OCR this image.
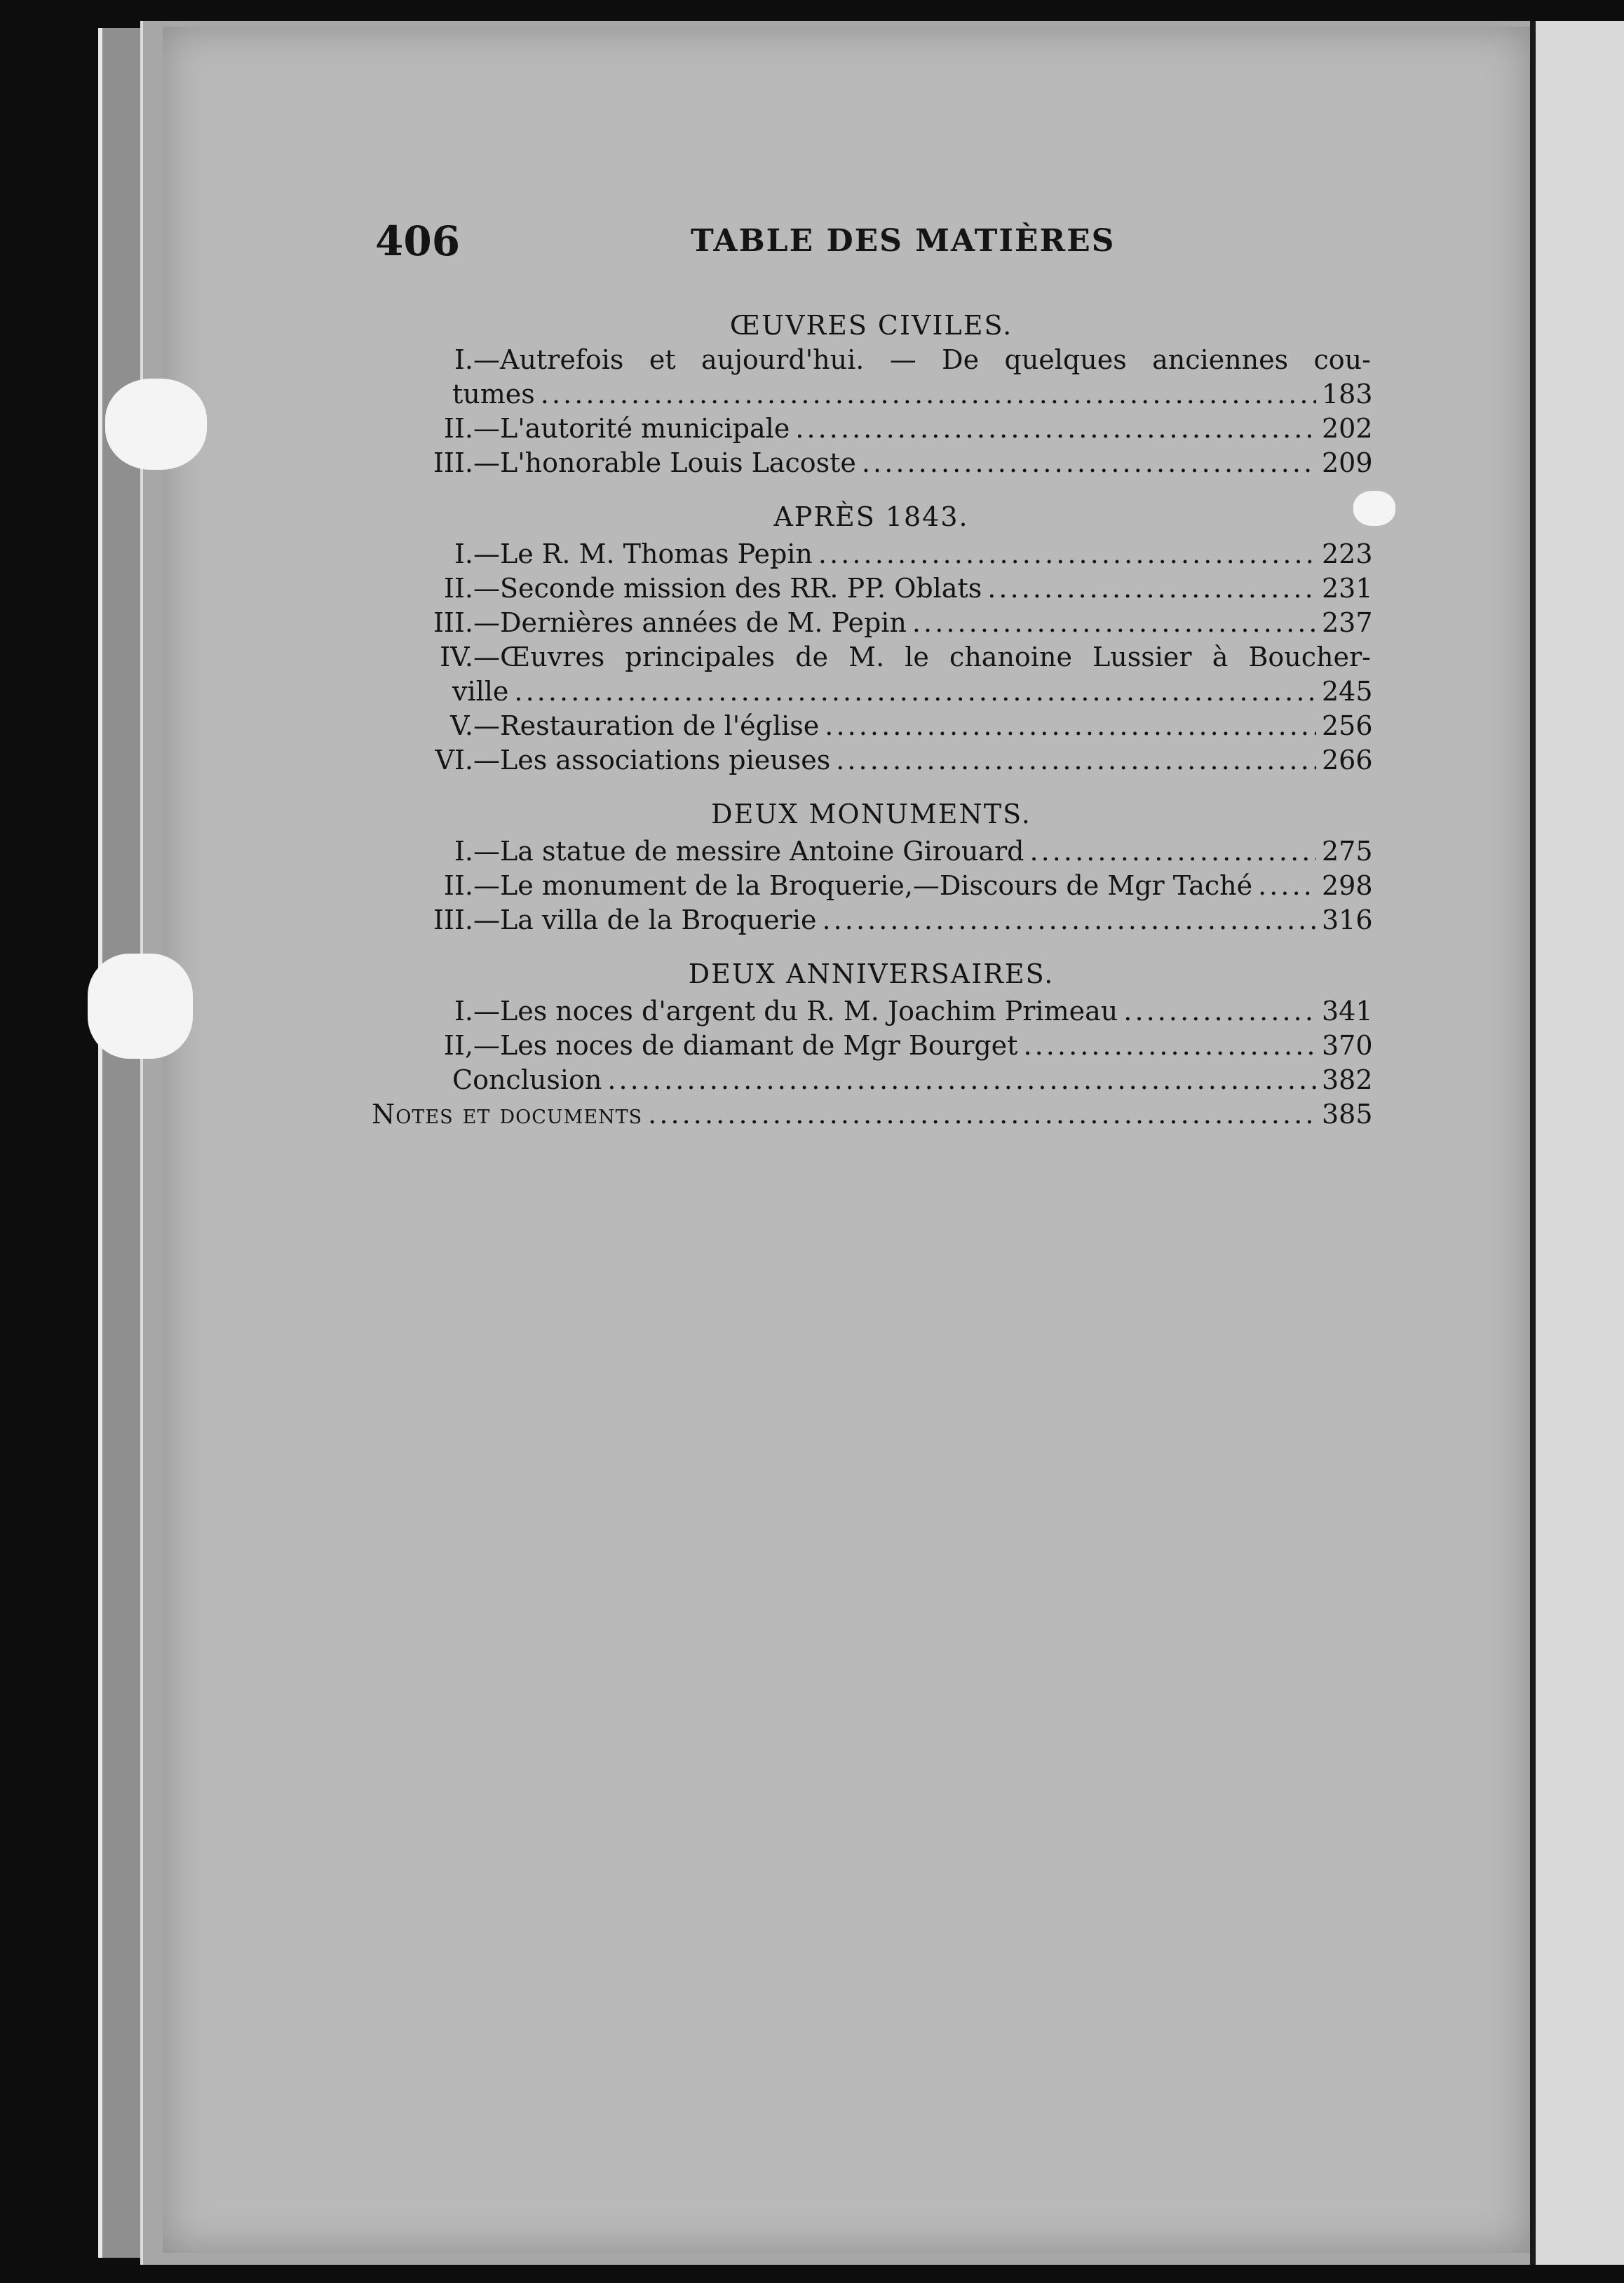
406	TABLE DES MATIÈRES
ŒUVRES CIVILES.
I. —Autrefois et aujourd'hui. — De quelques anciennes cou-
tumes . . .	183
II. —L'autorité municipale . . .	202
III. —L'honorable Louis Lacoste . . .	209
APRÈS 1843.
I. —Le R. M. Thomas Pepin . . .	223
II. —Seconde mission des RR. PP. Oblats . . .	231
III. —Dernières années de M. Pepin . . .	237
IV. —Œuvres principales de M. le chanoine Lussier à Boucher-
ville . . .	245
V. —Restauration de l'église . . .	256
VI. —Les associations pieuses . . .	266
DEUX MONUMENTS.
I. —La statue de messire Antoine Girouard . . .	275
II. —Le monument de la Broquerie,—Discours de Mgr Taché . . .	298
III. —La villa de la Broquerie . . .	316
DEUX ANNIVERSAIRES.
I. —Les noces d'argent du R. M. Joachim Primeau . . .	341
II, —Les noces de diamant de Mgr Bourget . . .	370
Conclusion . . .	382
Notes et documents . . .	385
